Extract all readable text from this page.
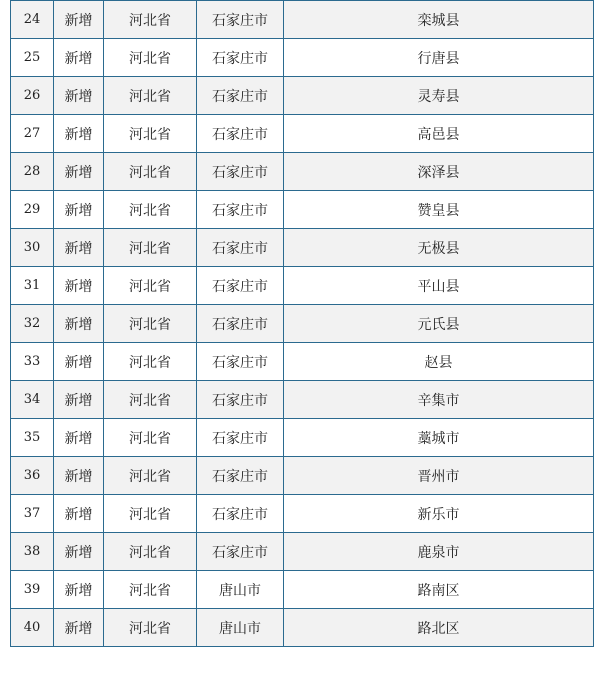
24	新增	河北省	石家庄市	栾城县
25	新增	河北省	石家庄市	行唐县
26	新增	河北省	石家庄市	灵寿县
27	新增	河北省	石家庄市	高邑县
28	新增	河北省	石家庄市	深泽县
29	新增	河北省	石家庄市	赞皇县
30	新增	河北省	石家庄市	无极县
31	新增	河北省	石家庄市	平山县
32	新增	河北省	石家庄市	元氏县
33	新增	河北省	石家庄市	赵县
34	新增	河北省	石家庄市	辛集市
35	新增	河北省	石家庄市	藁城市
36	新增	河北省	石家庄市	晋州市
37	新增	河北省	石家庄市	新乐市
38	新增	河北省	石家庄市	鹿泉市
39	新增	河北省	唐山市	路南区
40	新增	河北省	唐山市	路北区
